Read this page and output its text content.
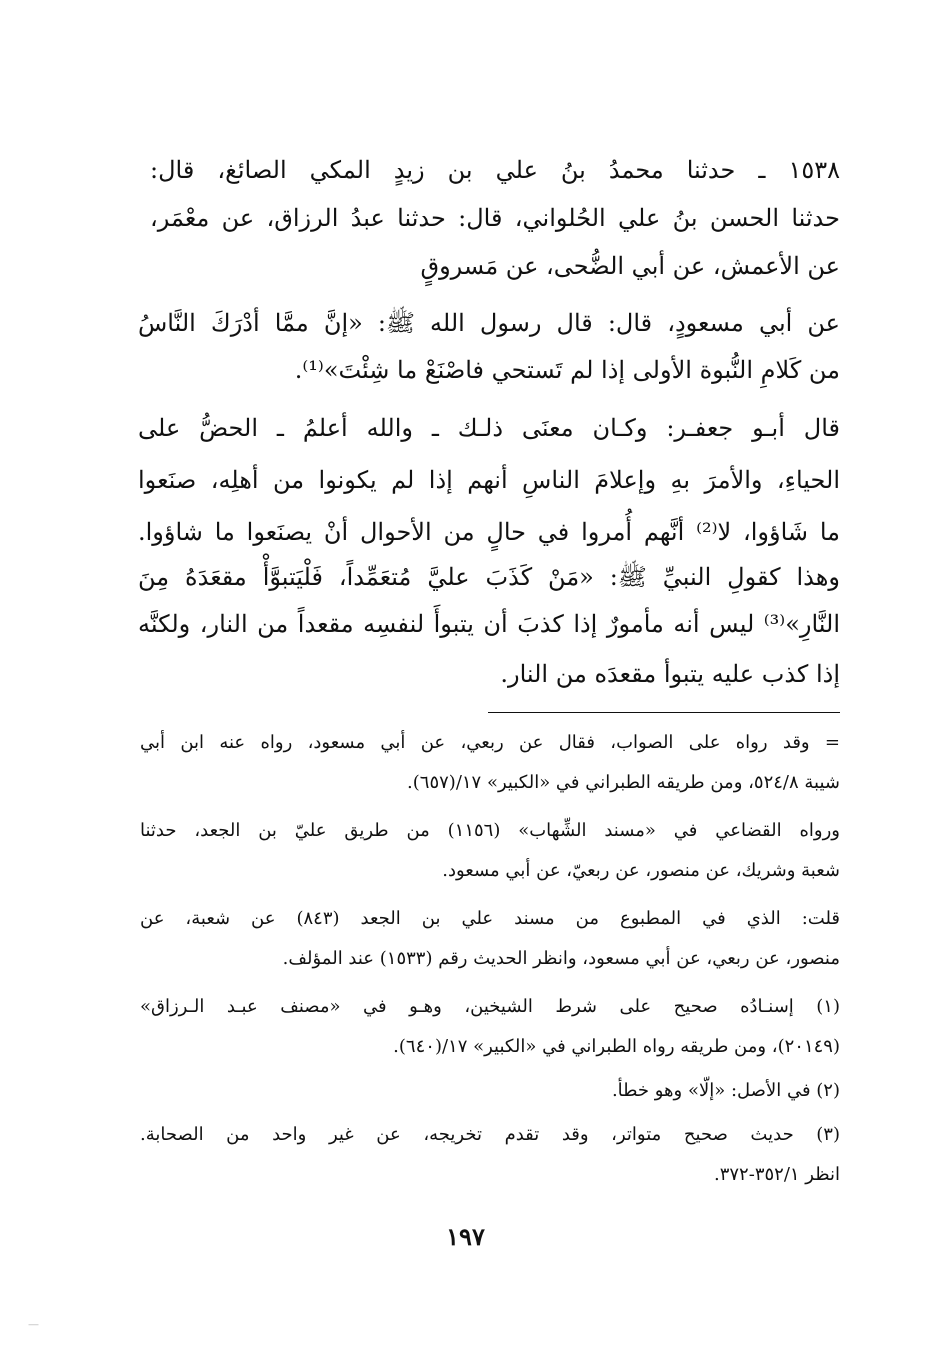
١٥٣٨ ـ حدثنا محمدُ بنُ علي بن زيدٍ المكي الصائغ، قال:
حدثنا الحسن بنُ علي الحُلواني، قال: حدثنا عبدُ الرزاق، عن معْمَر،
عن الأعمش، عن أبي الضُّحى، عن مَسروقٍ
عن أبي مسعودٍ، قال: قال رسول الله ﷺ: «إنَّ ممَّا أدْرَكَ النَّاسُ
من كَلامِ النُّبوة الأولى إذا لم تَستحي فاصْنَعْ ما شِئْتَ»⁽¹⁾.
قال أبـو جعفـر: وكـان معنَى ذلـك ـ والله أعلمُ ـ الحضُّ على
الحياءِ، والأمرَ بهِ وإعلامَ الناسِ أنهم إذا لم يكونوا من أهلِه، صنَعوا
ما شَاؤوا، لا⁽²⁾ أنَّهم أُمروا في حالٍ من الأحوال أنْ يصنَعوا ما شاؤوا.
وهذا كقولِ النبيِّ ﷺ: «مَنْ كَذَبَ عليَّ مُتعَمِّداً، فَلْيَتبوَّأْ مقعَدَهُ مِنَ
النَّارِ»⁽³⁾ ليس أنه مأمورٌ إذا كذبَ أن يتبوأَ لنفسِه مقعداً من النار، ولكنَّه
إذا كذب عليه يتبوأ مقعدَه من النار.
= وقد رواه على الصواب، فقال عن ربعي، عن أبي مسعود، رواه عنه ابن أبي
شيبة ٥٢٤/٨، ومن طريقه الطبراني في «الكبير» ١٧/(٦٥٧).
ورواه القضاعي في «مسند الشِّهاب» (١١٥٦) من طريق عليّ بن الجعد، حدثنا
شعبة وشريك، عن منصور، عن ربعيّ، عن أبي مسعود.
قلت: الذي في المطبوع من مسند علي بن الجعد (٨٤٣) عن شعبة، عن
منصور، عن ربعي، عن أبي مسعود، وانظر الحديث رقم (١٥٣٣) عند المؤلف.
(١) إسنـادُه صحيح على شرط الشيخين، وهـو في «مصنف عبـد الـرزاق»
(٢٠١٤٩)، ومن طريقه رواه الطبراني في «الكبير» ١٧/(٦٤٠).
(٢) في الأصل: «إلّا» وهو خطأ.
(٣) حديث صحيح متواتر، وقد تقدم تخريجه، عن غير واحد من الصحابة.
انظر ٣٥٢/١-٣٧٢.
١٩٧
—
